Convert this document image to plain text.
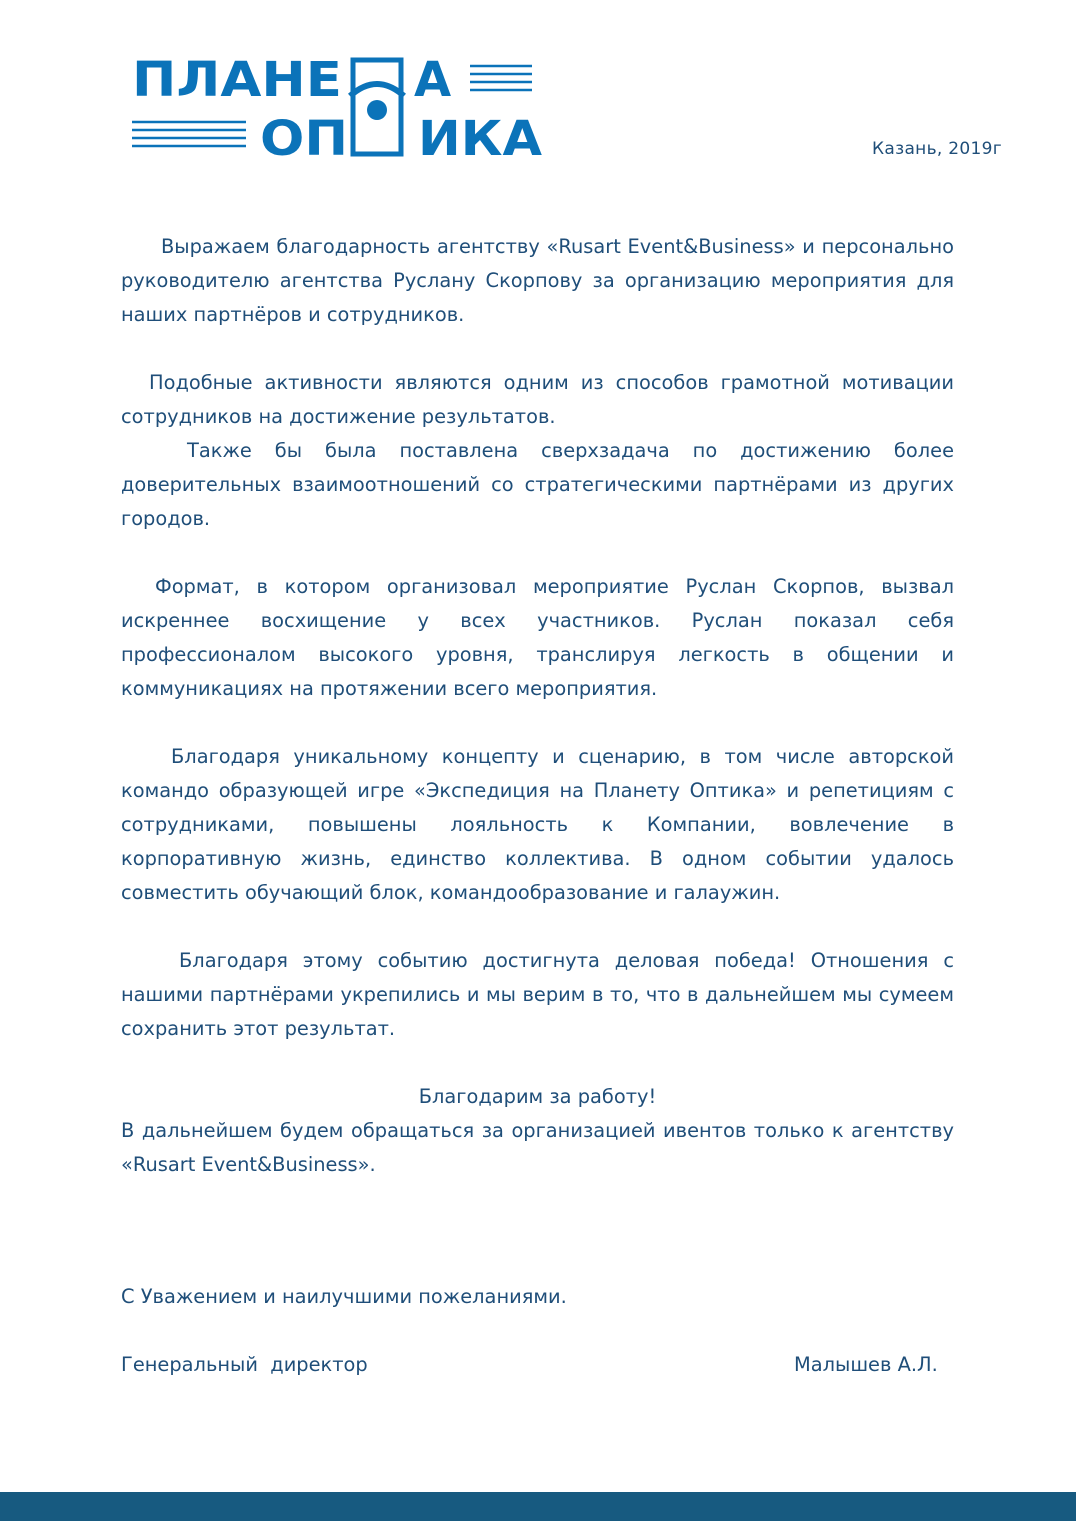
ПЛАНЕ А
ОП ИКА	Казань, 2019г

Выражаем благодарность агентству «Rusart Event&Business» и персонально руководителю агентства Руслану Скорпову за организацию мероприятия для наших партнёров и сотрудников.

Подобные активности являются одним из способов грамотной мотивации сотрудников на достижение результатов.

Также бы была поставлена сверхзадача по достижению более доверительных взаимоотношений со стратегическими партнёрами из других городов.

Формат, в котором организовал мероприятие Руслан Скорпов, вызвал искреннее восхищение у всех участников. Руслан показал себя профессионалом высокого уровня, транслируя легкость в общении и коммуникациях на протяжении всего мероприятия.

Благодаря уникальному концепту и сценарию, в том числе авторской командо образующей игре «Экспедиция на Планету Оптика» и репетициям с сотрудниками, повышены лояльность к Компании, вовлечение в корпоративную жизнь, единство коллектива. В одном событии удалось совместить обучающий блок, командообразование и галаужин.

Благодаря этому событию достигнута деловая победа! Отношения с нашими партнёрами укрепились и мы верим в то, что в дальнейшем мы сумеем сохранить этот результат.

Благодарим за работу!

В дальнейшем будем обращаться за организацией ивентов только к агентству «Rusart Event&Business».

С Уважением и наилучшими пожеланиями.
Генеральный  директор	Малышев А.Л.
